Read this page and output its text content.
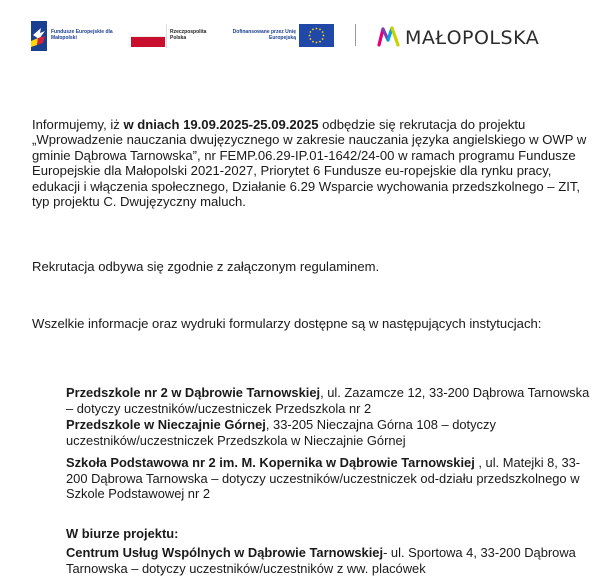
Fundusze Europejskie dla Małopolski
Rzeczpospolita Polska
Dofinansowane przez Unię Europejską	MAŁOPOLSKA

Informujemy, iż w dniach 19.09.2025-25.09.2025 odbędzie się rekrutacja do projektu „Wprowadzenie nauczania dwujęzycznego w zakresie nauczania języka angielskiego w OWP w gminie Dąbrowa Tarnowska”, nr FEMP.06.29-IP.01-1642/24-00 w ramach programu Fundusze Europejskie dla Małopolski 2021-2027, Priorytet 6 Fundusze eu-ropejskie dla rynku pracy, edukacji i włączenia społecznego, Działanie 6.29 Wsparcie wychowania przedszkolnego – ZIT, typ projektu C. Dwujęzyczny maluch.

Rekrutacja odbywa się zgodnie z załączonym regulaminem.

Wszelkie informacje oraz wydruki formularzy dostępne są w następujących instytucjach:

Przedszkole nr 2 w Dąbrowie Tarnowskiej, ul. Zazamcze 12, 33-200 Dąbrowa Tarnowska – dotyczy uczestników/uczestniczek Przedszkola nr 2

Przedszkole w Nieczajnie Górnej, 33-205 Nieczajna Górna 108 – dotyczy uczestników/uczestniczek Przedszkola w Nieczajnie Górnej

Szkoła Podstawowa nr 2 im. M. Kopernika w Dąbrowie Tarnowskiej , ul. Matejki 8, 33-200 Dąbrowa Tarnowska – dotyczy uczestników/uczestniczek od-działu przedszkolnego w Szkole Podstawowej nr 2

W biurze projektu:

Centrum Usług Wspólnych w Dąbrowie Tarnowskiej- ul. Sportowa 4, 33-200 Dąbrowa Tarnowska – dotyczy uczestników/uczestników z ww. placówek
